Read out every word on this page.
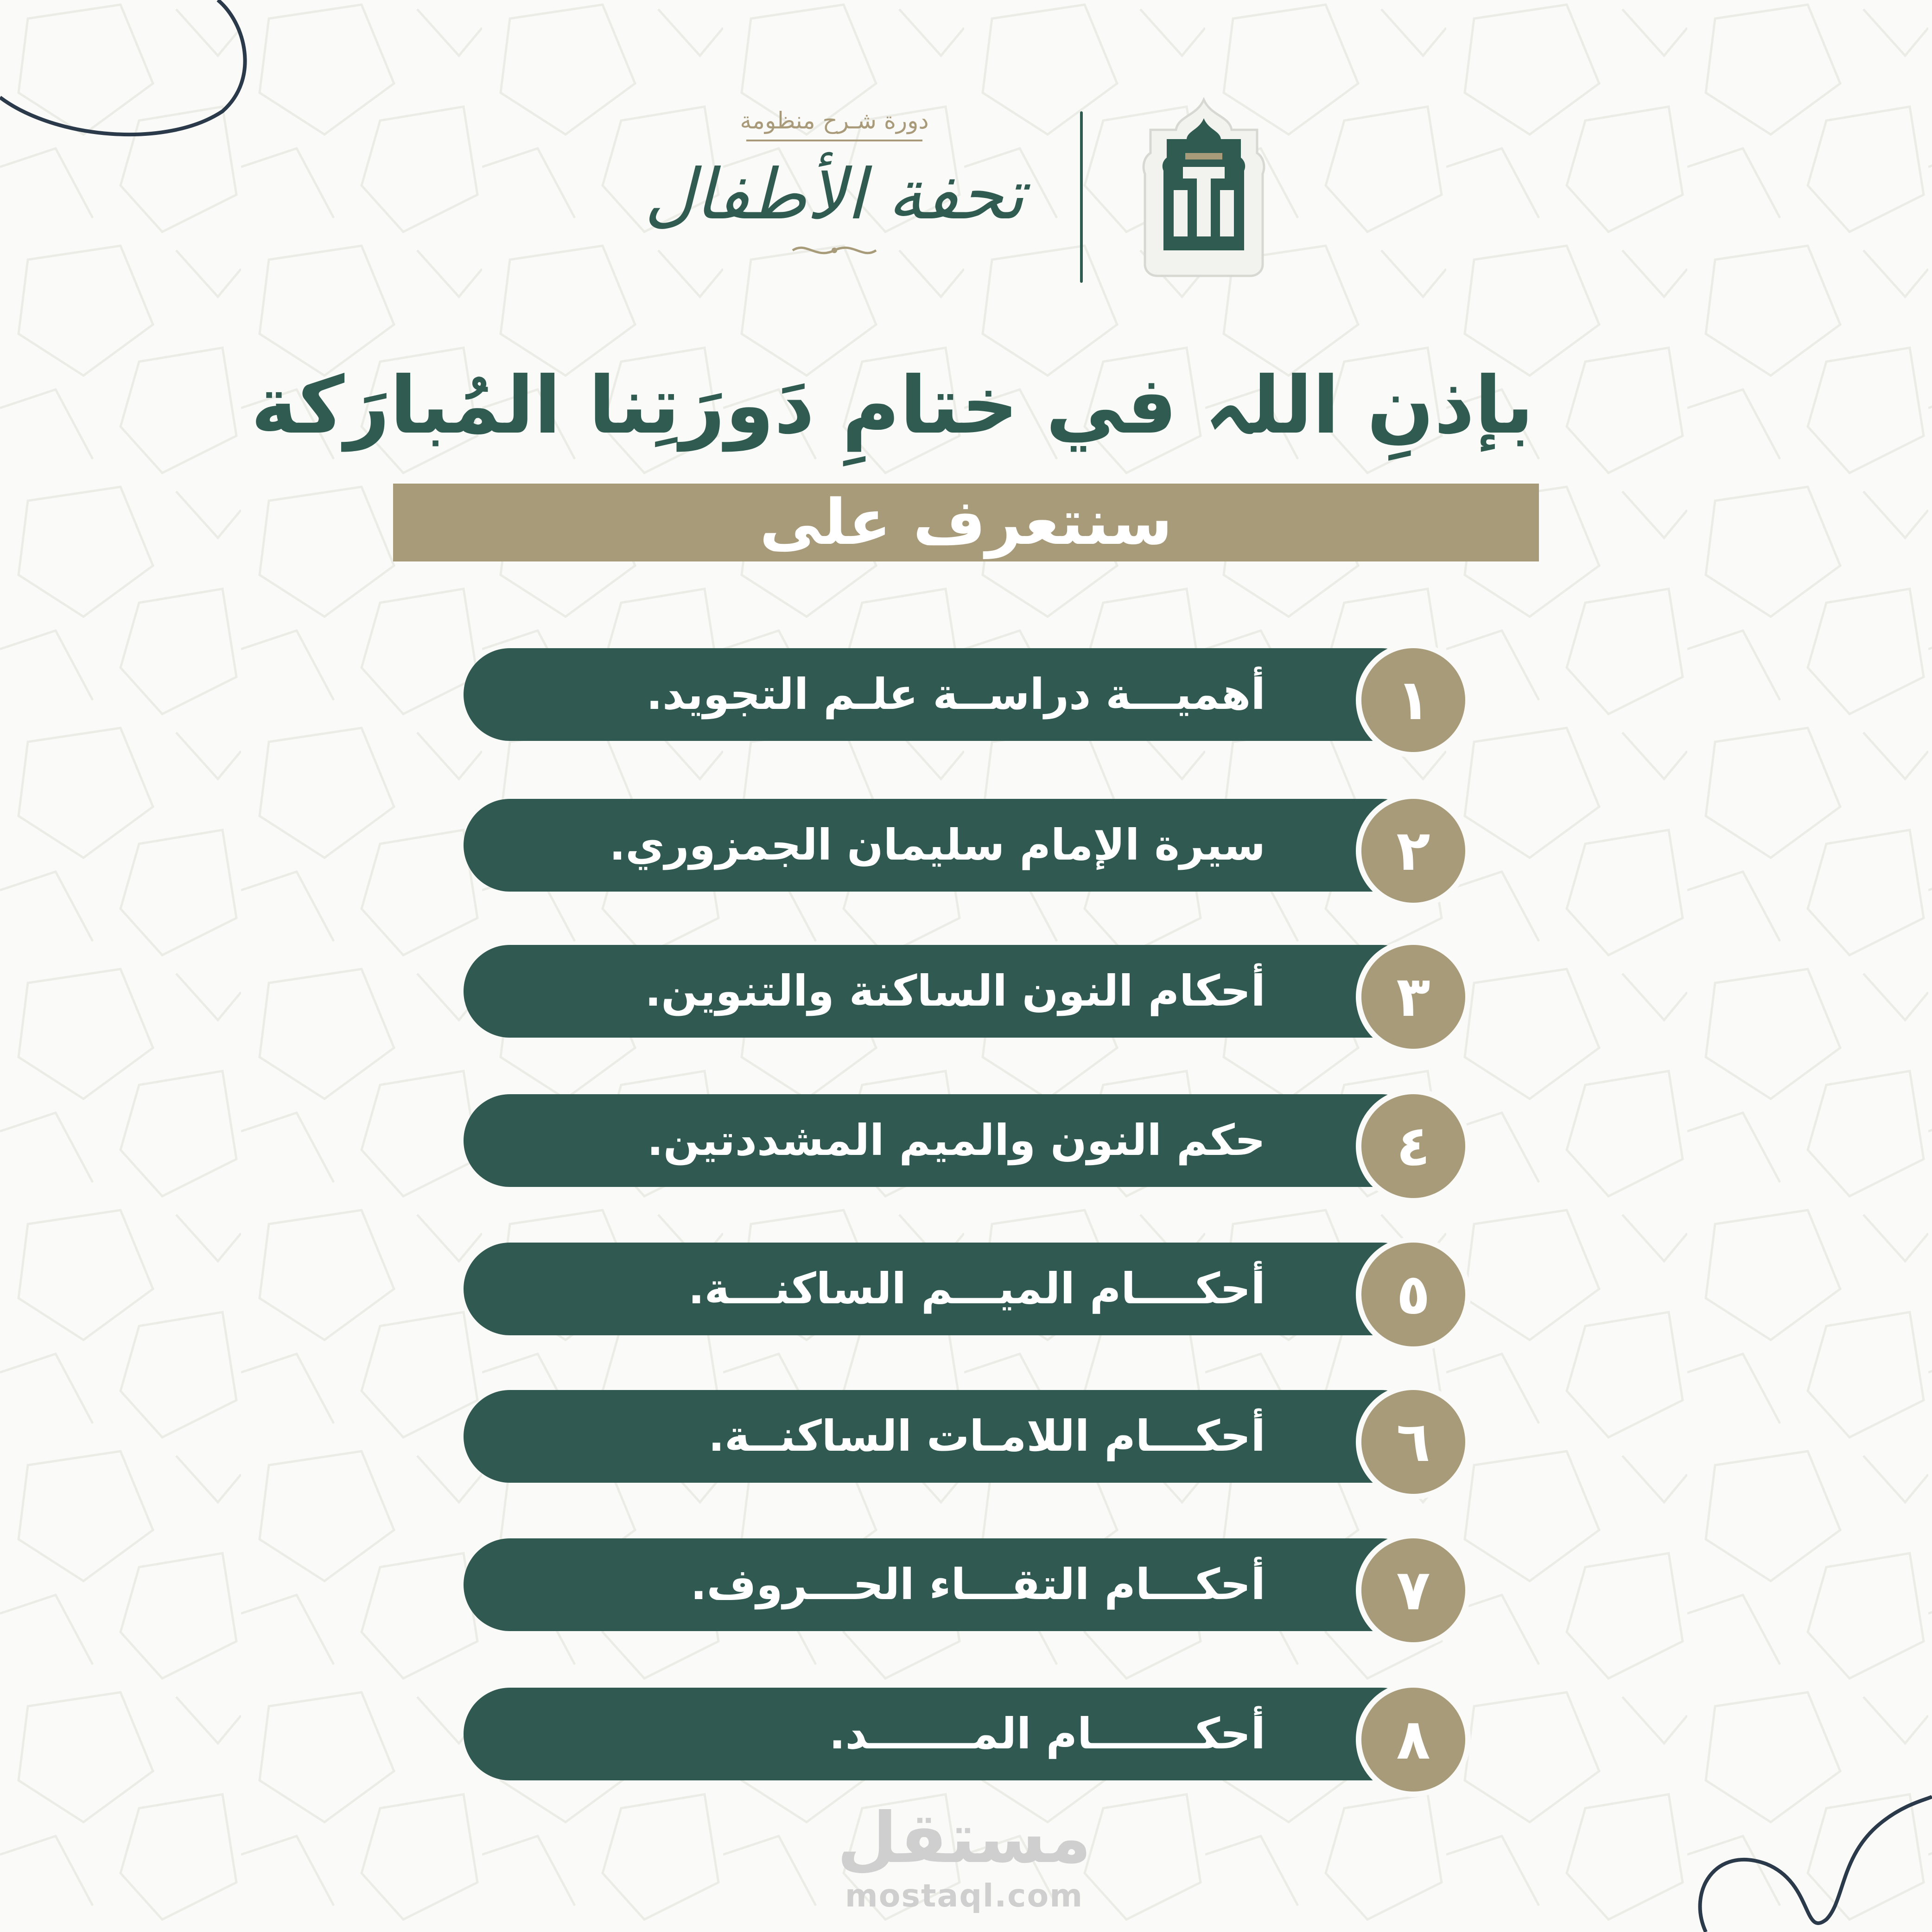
دورة شـرح منظومة
تحفة الأطفال
بإذنِ اللہ في ختامِ دَورَتِنا المُبارَكة
سنتعرف على
أهميـــة دراســة علـم التجويد.	١
سيرة الإمام سليمان الجمزوري.	٢
أحكام النون الساكنة والتنوين.	٣
حكم النون والميم المشددتين.	٤
أحكــــام الميـــم الساكنـــة.	٥
أحكـــام اللامـات الساكنــة.	٦
أحكـــام التقـــاء الحـــروف.	٧
أحكـــــــام المـــــــد.	٨
مستقل
mostaql.com
